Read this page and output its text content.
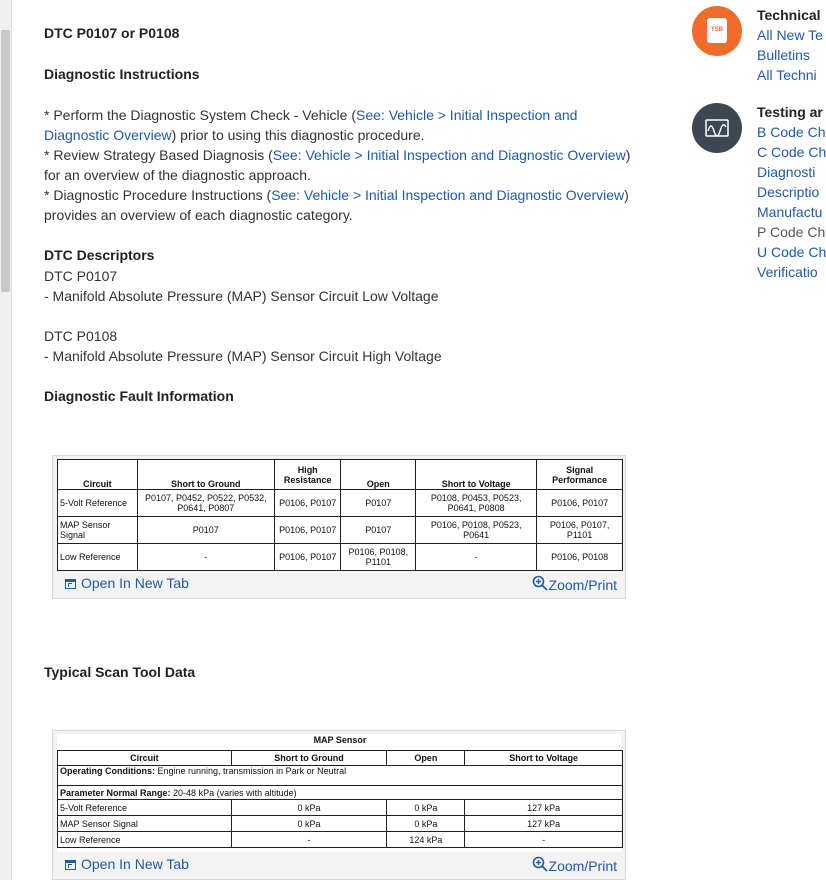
DTC P0107 or P0108
Diagnostic Instructions
* Perform the Diagnostic System Check - Vehicle (See: Vehicle > Initial Inspection and
Diagnostic Overview) prior to using this diagnostic procedure.
* Review Strategy Based Diagnosis (See: Vehicle > Initial Inspection and Diagnostic Overview)
for an overview of the diagnostic approach.
* Diagnostic Procedure Instructions (See: Vehicle > Initial Inspection and Diagnostic Overview)
provides an overview of each diagnostic category.
DTC Descriptors
DTC P0107
- Manifold Absolute Pressure (MAP) Sensor Circuit Low Voltage
DTC P0108
- Manifold Absolute Pressure (MAP) Sensor Circuit High Voltage
Diagnostic Fault Information
Circuit	Short to Ground	High Resistance	Open	Short to Voltage	Signal Performance
5-Volt Reference	P0107, P0452, P0522, P0532, P0641, P0807	P0106, P0107	P0107	P0108, P0453, P0523, P0641, P0808	P0106, P0107
MAP Sensor Signal	P0107	P0106, P0107	P0107	P0106, P0108, P0523, P0641	P0106, P0107, P1101
Low Reference	-	P0106, P0107	P0106, P0108, P1101	-	P0106, P0108
Open In New Tab	Zoom/Print
Typical Scan Tool Data
MAP Sensor
Circuit	Short to Ground	Open	Short to Voltage
Operating Conditions: Engine running, transmission in Park or Neutral			
Parameter Normal Range: 20-48 kPa (varies with altitude)			
5-Volt Reference	0 kPa	0 kPa	127 kPa
MAP Sensor Signal	0 kPa	0 kPa	127 kPa
Low Reference	-	124 kPa	-
Open In New Tab	Zoom/Print
TSB
Technical
All New Te
Bulletins
All Techni
Testing ar
B Code Ch
C Code Ch
Diagnosti
Descriptio
Manufactu
P Code Ch
U Code Ch
Verificatio
